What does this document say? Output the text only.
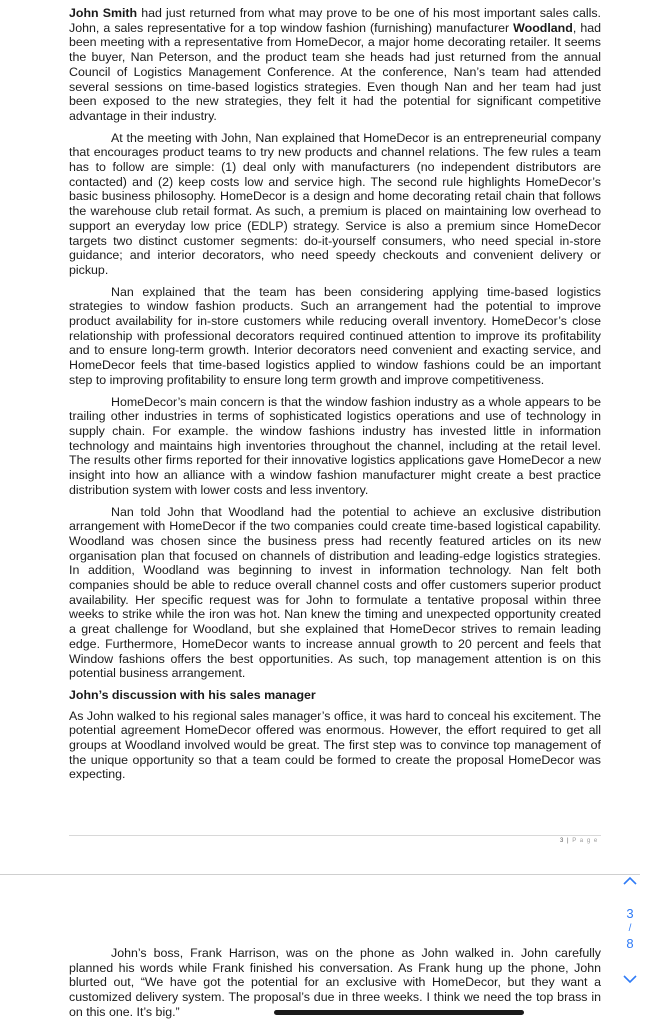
John Smith had just returned from what may prove to be one of his most important sales calls. John, a sales representative for a top window fashion (furnishing) manufacturer Woodland, had been meeting with a representative from HomeDecor, a major home decorating retailer. It seems the buyer, Nan Peterson, and the product team she heads had just returned from the annual Council of Logistics Management Conference. At the conference, Nan’s team had attended several sessions on time-based logistics strategies. Even though Nan and her team had just been exposed to the new strategies, they felt it had the potential for significant competitive advantage in their industry.

At the meeting with John, Nan explained that HomeDecor is an entrepreneurial company that encourages product teams to try new products and channel relations. The few rules a team has to follow are simple: (1) deal only with manufacturers (no independent distributors are contacted) and (2) keep costs low and service high. The second rule highlights HomeDecor’s basic business philosophy. HomeDecor is a design and home decorating retail chain that follows the warehouse club retail format. As such, a premium is placed on maintaining low overhead to support an everyday low price (EDLP) strategy. Service is also a premium since HomeDecor targets two distinct customer segments: do-it-yourself consumers, who need special in-store guidance; and interior decorators, who need speedy checkouts and convenient delivery or pickup.

Nan explained that the team has been considering applying time-based logistics strategies to window fashion products. Such an arrangement had the potential to improve product availability for in-store customers while reducing overall inventory. HomeDecor’s close relationship with professional decorators required continued attention to improve its profitability and to ensure long-term growth. Interior decorators need convenient and exacting service, and HomeDecor feels that time-based logistics applied to window fashions could be an important step to improving profitability to ensure long term growth and improve competitiveness.

HomeDecor’s main concern is that the window fashion industry as a whole appears to be trailing other industries in terms of sophisticated logistics operations and use of technology in supply chain. For example. the window fashions industry has invested little in information technology and maintains high inventories throughout the channel, including at the retail level. The results other firms reported for their innovative logistics applications gave HomeDecor a new insight into how an alliance with a window fashion manufacturer might create a best practice distribution system with lower costs and less inventory.

Nan told John that Woodland had the potential to achieve an exclusive distribution arrangement with HomeDecor if the two companies could create time-based logistical capability. Woodland was chosen since the business press had recently featured articles on its new organisation plan that focused on channels of distribution and leading-edge logistics strategies. In addition, Woodland was beginning to invest in information technology. Nan felt both companies should be able to reduce overall channel costs and offer customers superior product availability. Her specific request was for John to formulate a tentative proposal within three weeks to strike while the iron was hot. Nan knew the timing and unexpected opportunity created a great challenge for Woodland, but she explained that HomeDecor strives to remain leading edge. Furthermore, HomeDecor wants to increase annual growth to 20 percent and feels that Window fashions offers the best opportunities. As such, top management attention is on this potential business arrangement.

John’s discussion with his sales manager

As John walked to his regional sales manager’s office, it was hard to conceal his excitement. The potential agreement HomeDecor offered was enormous. However, the effort required to get all groups at Woodland involved would be great. The first step was to convince top management of the unique opportunity so that a team could be formed to create the proposal HomeDecor was expecting.

3 | P a g e
3
/
8

John’s boss, Frank Harrison, was on the phone as John walked in. John carefully planned his words while Frank finished his conversation. As Frank hung up the phone, John blurted out, “We have got the potential for an exclusive with HomeDecor, but they want a customized delivery system. The proposal’s due in three weeks. I think we need the top brass in on this one. It’s big.”
